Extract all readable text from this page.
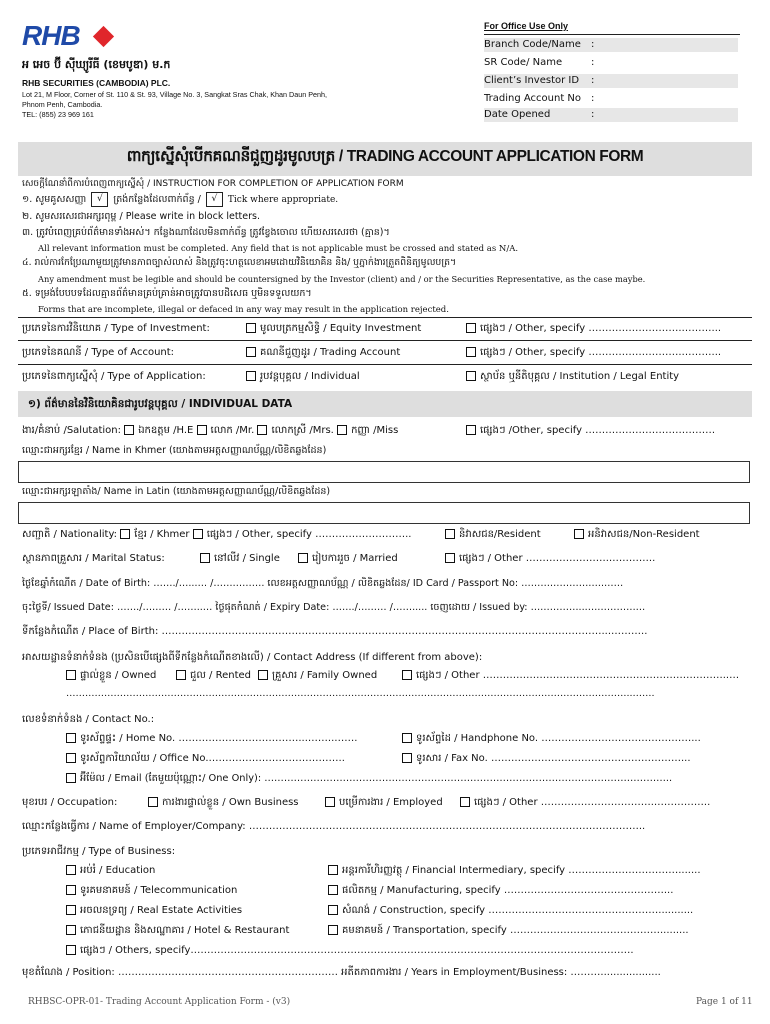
RHB
អ អេច ប៊ី ស៊ីឃ្យូរីធី (ខេមបូឌា) ម.ក
RHB SECURITIES (CAMBODIA) PLC.
Lot 21, M Floor, Corner of St. 110 & St. 93, Village No. 3, Sangkat Sras Chak, Khan Daun Penh,
Phnom Penh, Cambodia.
TEL: (855) 23 969 161
For Office Use Only
Branch Code/Name :
SR Code/ Name	:
Client’s Investor ID :
Trading Account No :
Date Opened	:
ពាក្យស្នើសុំបើកគណនីជួញដូរមូលបត្រ / TRADING ACCOUNT APPLICATION FORM
សេចក្តីណែនាំពីការបំពេញពាក្យស្នើសុំ / INSTRUCTION FOR COMPLETION OF APPLICATION FORM
១. សូមគូសសញ្ញា √ ត្រង់កន្លែងដែលពាក់ព័ន្ធ / √ Tick where appropriate.
២. សូមសរសេរជាអក្សរពុម្ព / Please write in block letters.
៣. ត្រូវបំពេញគ្រប់ព័ត៌មានទាំងអស់។ កន្លែងណាដែលមិនពាក់ព័ន្ធ ត្រូវខ្វែងចោល ហើយសរសេរថា (គ្មាន)។
All relevant information must be completed. Any field that is not applicable must be crossed and stated as N/A.
៤. រាល់ការកែប្រែណាមួយត្រូវមានភាពច្បាស់លាស់ និងត្រូវចុះហត្ថលេខាអមដោយវិនិយោគិន និង/ ឬភ្នាក់ងារត្រួតពិនិត្យមូលបត្រ។
Any amendment must be legible and should be countersigned by the Investor (client) and / or the Securities Representative, as the case maybe.
៥. ទម្រង់បែបបទដែលគ្មានព័ត៌មានគ្រប់គ្រាន់អាចត្រូវបានបដិសេធ ឬមិនទទួលយក។
Forms that are incomplete, illegal or defaced in any way may result in the application rejected.
ប្រភេទនៃការវិនិយោគ / Type of Investment:	មូលបត្រកម្មសិទ្ធិ / Equity Investment	ផ្សេងៗ / Other, specify ……………………….………...
ប្រភេទនៃគណនី / Type of Account:	គណនីជួញដូរ / Trading Account	ផ្សេងៗ / Other, specify ……………………….………...
ប្រភេទនៃពាក្យស្នើសុំ / Type of Application:	រូបវន្តបុគ្គល / Individual	ស្ថាប័ន ឬនីតិបុគ្គល / Institution / Legal Entity
១) ព័ត៌មាននៃវិនិយោគិនជារូបវន្តបុគ្គល / INDIVIDUAL DATA
ងារ/គំនាប់ /Salutation: ឯកឧត្តម /H.E លោក /Mr. លោកស្រី /Mrs. កញ្ញា /Miss	ផ្សេងៗ /Other, specify …………………………………
ឈ្មោះជាអក្សរខ្មែរ / Name in Khmer (យោងតាមអត្តសញ្ញាណប័ណ្ណ/លិខិតឆ្លងដែន)
ឈ្មោះជាអក្សរឡាតាំង/ Name in Latin (យោងតាមអត្តសញ្ញាណប័ណ្ណ/លិខិតឆ្លងដែន)
សញ្ជាតិ / Nationality: ខ្មែរ / Khmer ផ្សេងៗ / Other, specify ………………………..	និវាសជន/Resident	អនិវាសជន/Non-Resident
ស្ថានភាពគ្រួសារ / Marital Status:	នៅលីវ / Single	រៀបការរួច / Married	ផ្សេងៗ / Other …………………….…………..
ថ្ងៃខែឆ្នាំកំណើត / Date of Birth: ……./…..…. /……………. លេខអត្តសញ្ញាណប័ណ្ណ / លិខិតឆ្លងដែន/ ID Card / Passport No: ……………………..……
ចុះថ្ងៃទី/ Issued Date: ……./……… /……..… ថ្ងៃផុតកំណត់ / Expiry Date: ……./……… /……..... ចេញដោយ / Issued by: ……………...………………
ទីកន្លែងកំណើត / Place of Birth: ……………………………………………………………………………………………………………………...………..
អាសយដ្ឋានទំនាក់ទំនង (ប្រសិនបើផ្សេងពីទីកន្លែងកំណើតខាងលើ) / Contact Address (If different from above):
ផ្ទាល់ខ្លួន / Owned	ជួល / Rented	គ្រួសារ / Family Owned	ផ្សេងៗ / Other ………………………………………………………………..…
……………………………………………………………………………………………………………………………………………………………..…….
លេខទំនាក់ទំនង / Contact No.:
ទូរស័ព្ទផ្ទះ / Home No. ………………………………...……..…….	ទូរស័ព្ទដៃ / Handphone No. ………………………………………...
ទូរស័ព្ទការិយាល័យ / Office No.…………………………………..	ទូរសារ / Fax No. …………………………………………………...
អ៊ីម៉ែល / Email (តែមួយប៉ុណ្ណោះ/ One Only): ……………………………………………………………………………………………………………..
មុខរបរ / Occupation:	ការងារផ្ទាល់ខ្លួន / Own Business	បម្រើការងារ / Employed	ផ្សេងៗ / Other …………………………….……………..
ឈ្មោះកន្លែងធ្វើការ / Name of Employer/Company: ………………………………………………………………………………………………………..
ប្រភេទអាជីវកម្ម / Type of Business:
អប់រំ / Education	អន្តរការីហិរញ្ញវត្ថុ / Financial Intermediary, specify …………………………….......
ទូរគមនាគមន៍ / Telecommunication	ផលិតកម្ម / Manufacturing, specify …………………………………………...
អចលនទ្រព្យ / Real Estate Activities	សំណង់ / Construction, specify ……………………………………………...........
ភោជនីយដ្ឋាន និងសណ្ឋាគារ / Hotel & Restaurant	គមនាគមន៍ / Transportation, specify ……………………………………….........
ផ្សេងៗ / Others, specify…………………………………………………………………………………………………………………….
មុខតំណែង / Position: ………………………………………………………… អតីតភាពការងារ / Years in Employment/Business: ………...................
RHBSC-OPR-01- Trading Account Application Form - (v3)	Page 1 of 11
